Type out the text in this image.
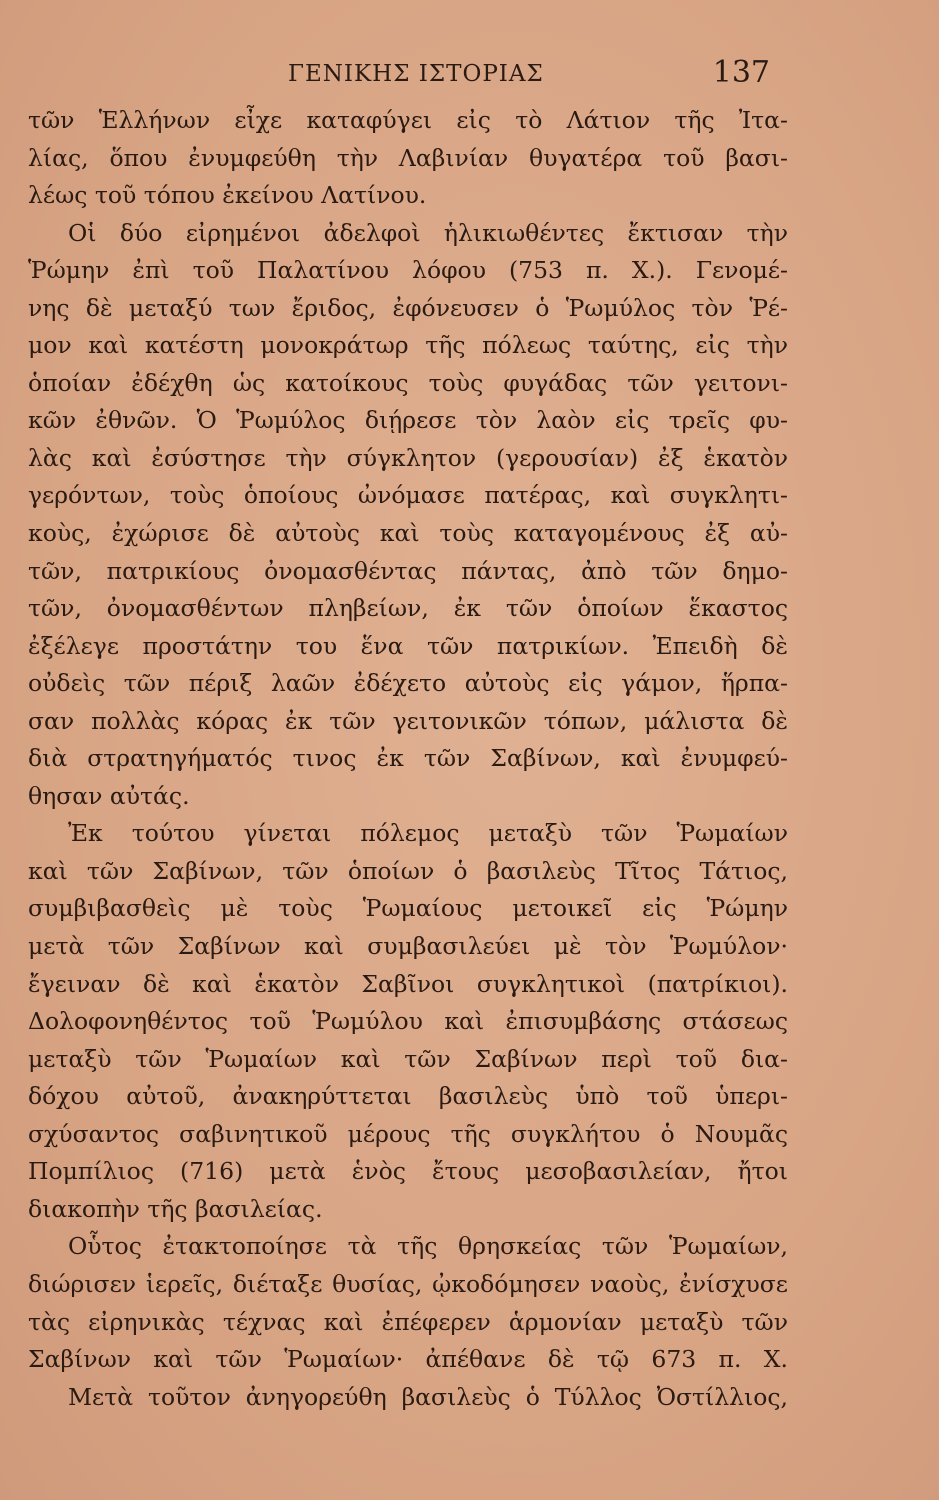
ΓΕΝΙΚΗΣ ΙΣΤΟΡΙΑΣ	137
τῶν Ἑλλήνων εἶχε καταφύγει εἰς τὸ Λάτιον τῆς Ἰτα-
λίας, ὅπου ἐνυμφεύθη τὴν Λαβινίαν θυγατέρα τοῦ βασι-
λέως τοῦ τόπου ἐκείνου Λατίνου.
Οἱ δύο εἰρημένοι ἀδελφοὶ ἡλικιωθέντες ἔκτισαν τὴν
Ῥώμην ἐπὶ τοῦ Παλατίνου λόφου (753 π. Χ.). Γενομέ-
νης δὲ μεταξύ των ἔριδος, ἐφόνευσεν ὁ Ῥωμύλος τὸν Ῥέ-
μον καὶ κατέστη μονοκράτωρ τῆς πόλεως ταύτης, εἰς τὴν
ὁποίαν ἐδέχθη ὡς κατοίκους τοὺς φυγάδας τῶν γειτονι-
κῶν ἐθνῶν. Ὁ Ῥωμύλος διῄρεσε τὸν λαὸν εἰς τρεῖς φυ-
λὰς καὶ ἐσύστησε τὴν σύγκλητον (γερουσίαν) ἐξ ἑκατὸν
γερόντων, τοὺς ὁποίους ὠνόμασε πατέρας, καὶ συγκλητι-
κοὺς, ἐχώρισε δὲ αὐτοὺς καὶ τοὺς καταγομένους ἐξ αὐ-
τῶν, πατρικίους ὀνομασθέντας πάντας, ἀπὸ τῶν δημο-
τῶν, ὀνομασθέντων πληβείων, ἐκ τῶν ὁποίων ἕκαστος
ἐξέλεγε προστάτην του ἕνα τῶν πατρικίων. Ἐπειδὴ δὲ
οὐδεὶς τῶν πέριξ λαῶν ἐδέχετο αὐτοὺς εἰς γάμον, ἥρπα-
σαν πολλὰς κόρας ἐκ τῶν γειτονικῶν τόπων, μάλιστα δὲ
διὰ στρατηγήματός τινος ἐκ τῶν Σαβίνων, καὶ ἐνυμφεύ-
θησαν αὐτάς.
Ἐκ τούτου γίνεται πόλεμος μεταξὺ τῶν Ῥωμαίων
καὶ τῶν Σαβίνων, τῶν ὁποίων ὁ βασιλεὺς Τῖτος Τάτιος,
συμβιβασθεὶς μὲ τοὺς Ῥωμαίους μετοικεῖ εἰς Ῥώμην
μετὰ τῶν Σαβίνων καὶ συμβασιλεύει μὲ τὸν Ῥωμύλον·
ἔγειναν δὲ καὶ ἑκατὸν Σαβῖνοι συγκλητικοὶ (πατρίκιοι).
Δολοφονηθέντος τοῦ Ῥωμύλου καὶ ἐπισυμβάσης στάσεως
μεταξὺ τῶν Ῥωμαίων καὶ τῶν Σαβίνων περὶ τοῦ δια-
δόχου αὐτοῦ, ἀνακηρύττεται βασιλεὺς ὑπὸ τοῦ ὑπερι-
σχύσαντος σαβινητικοῦ μέρους τῆς συγκλήτου ὁ Νουμᾶς
Πομπίλιος (716) μετὰ ἑνὸς ἔτους μεσοβασιλείαν, ἤτοι
διακοπὴν τῆς βασιλείας.
Οὗτος ἐτακτοποίησε τὰ τῆς θρησκείας τῶν Ῥωμαίων,
διώρισεν ἱερεῖς, διέταξε θυσίας, ᾠκοδόμησεν ναοὺς, ἐνίσχυσε
τὰς εἰρηνικὰς τέχνας καὶ ἐπέφερεν ἁρμονίαν μεταξὺ τῶν
Σαβίνων καὶ τῶν Ῥωμαίων· ἀπέθανε δὲ τῷ 673 π. Χ.
Μετὰ τοῦτον ἀνηγορεύθη βασιλεὺς ὁ Τύλλος Ὀστίλλιος,
